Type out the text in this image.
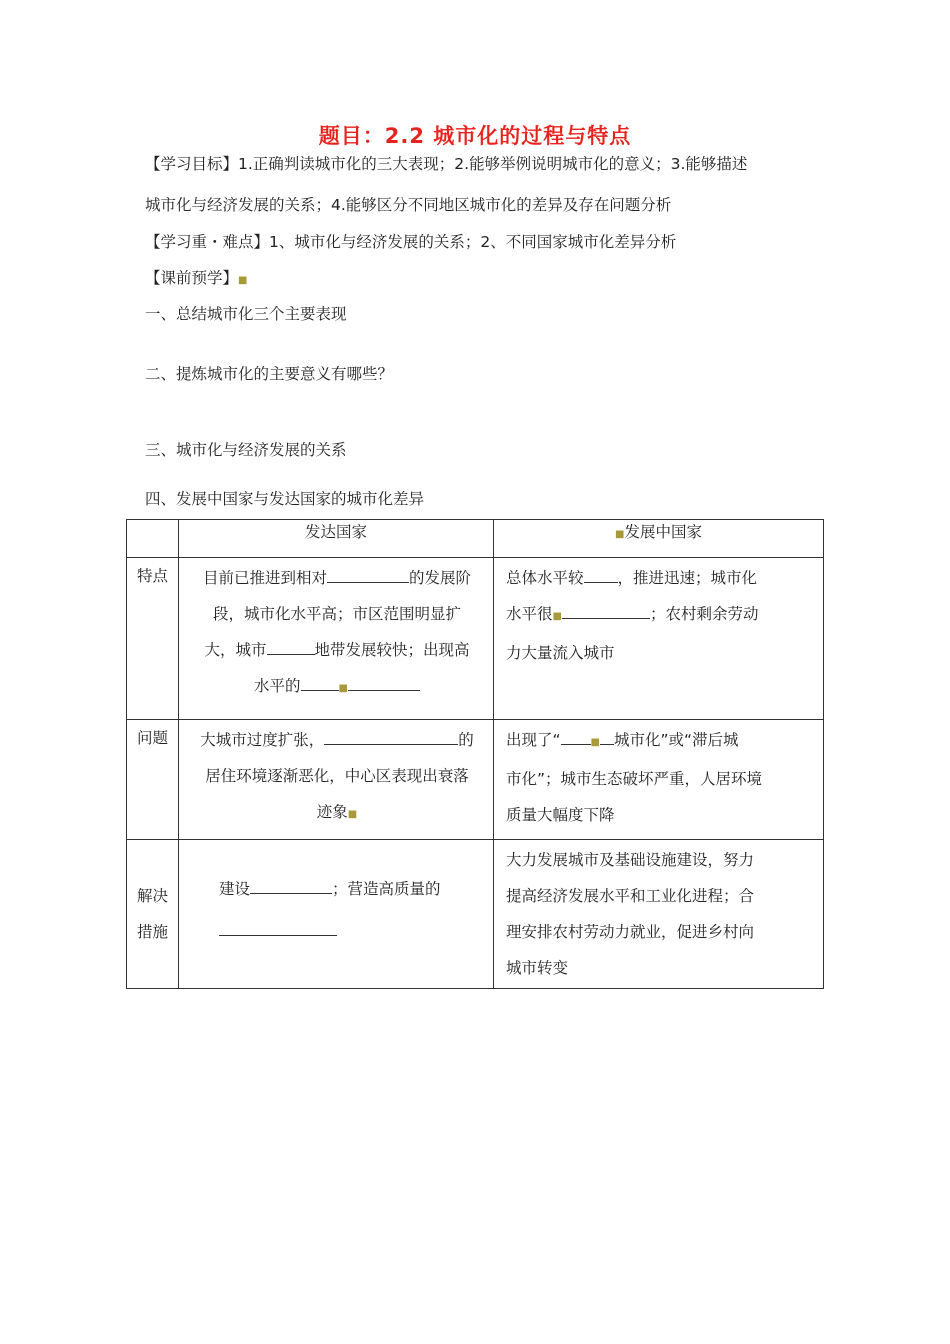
题目：2.2 城市化的过程与特点
【学习目标】1.正确判读城市化的三大表现；2.能够举例说明城市化的意义；3.能够描述
城市化与经济发展的关系；4.能够区分不同地区城市化的差异及存在问题分析
【学习重・难点】1、城市化与经济发展的关系；2、不同国家城市化差异分析
【课前预学】■
一、总结城市化三个主要表现
二、提炼城市化的主要意义有哪些？
三、城市化与经济发展的关系
四、发展中国家与发达国家的城市化差异
	发达国家	■发展中国家
特点	目前已推进到相对 的发展阶
段，城市化水平高；市区范围明显扩
大，城市 地带发展较快；出现高
水平的 ■	总体水平较 ，推进迅速；城市化
水平很■ ；农村剩余劳动
力大量流入城市
问题	大城市过度扩张， 的
居住环境逐渐恶化，中心区表现出衰落
迹象■	出现了“ ■ 城市化”或“滞后城
市化”；城市生态破坏严重，人居环境
质量大幅度下降
解决
措施	建设 ；营造高质量的	大力发展城市及基础设施建设，努力
提高经济发展水平和工业化进程；合
理安排农村劳动力就业，促进乡村向
城市转变
